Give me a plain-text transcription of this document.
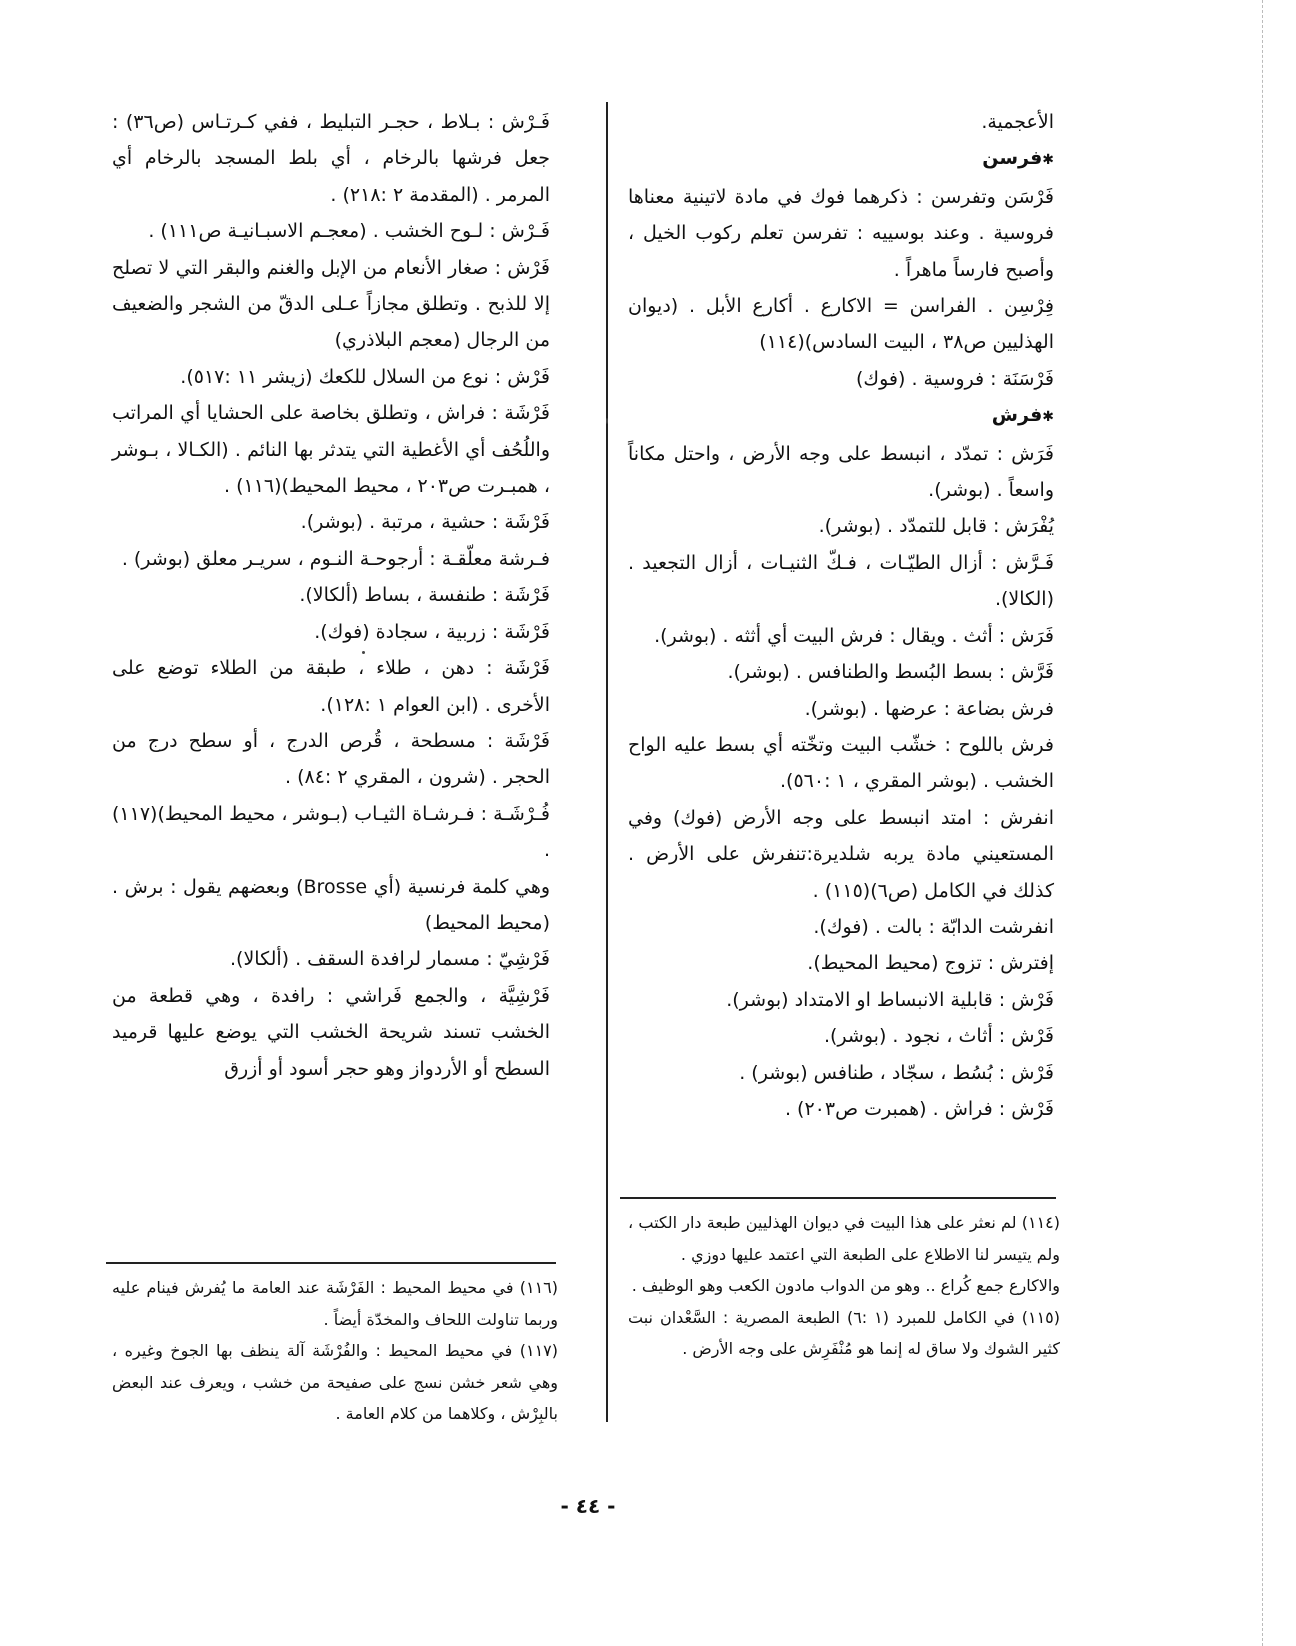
الأعجمية.

✱ فرسن

فَرْسَن وتفرسن : ذكرهما فوك في مادة لاتينية معناها فروسية . وعند بوسييه : تفرسن تعلم ركوب الخيل ، وأصبح فارساً ماهراً .

فِرْسِن . الفراسن = الاكارع . أكارع الأبل . (ديوان الهذليين ص٣٨ ، البيت السادس)(١١٤)

فَرْسَنَة : فروسية . (فوك)

✱ فرش

فَرَش : تمدّد ، انبسط على وجه الأرض ، واحتل مكاناً واسعاً . (بوشر).

يُفْرَش : قابل للتمدّد . (بوشر).

فَـرَّش : أزال الطيّـات ، فـكّ الثنيـات ، أزال التجعيد . (الكالا).

فَرَش : أثث . ويقال : فرش البيت أي أثثه . (بوشر).

فَرَّش : بسط البُسط والطنافس . (بوشر).

فرش بضاعة : عرضها . (بوشر).

فرش باللوح : خشّب البيت وتخّته أي بسط عليه الواح الخشب . (بوشر المقري ، ١ :٥٦٠).

انفرش : امتد انبسط على وجه الأرض (فوك) وفي المستعيني مادة يربه شلديرة:تنفرش على الأرض . كذلك في الكامل (ص٦)(١١٥) .

انفرشت الدابّة : بالت . (فوك).

إفترش : تزوج (محيط المحيط).

فَرْش : قابلية الانبساط او الامتداد (بوشر).

فَرْش : أثاث ، نجود . (بوشر).

فَرْش : بُسُط ، سجّاد ، طنافس (بوشر) .

فَرْش : فراش . (همبرت ص٢٠٣) .

فَـرْش : بـلاط ، حجـر التبليط ، ففي كـرتـاس (ص٣٦) : جعل فرشها بالرخام ، أي بلط المسجد بالرخام أي المرمر . (المقدمة ٢ :٢١٨) .

فَـرْش : لـوح الخشب . (معجـم الاسبـانيـة ص١١١) .

فَرْش : صغار الأنعام من الإبل والغنم والبقر التي لا تصلح إلا للذبح . وتطلق مجازاً عـلى الدقّ من الشجر والضعيف من الرجال (معجم البلاذري)

فَرْش : نوع من السلال للكعك (زيشر ١١ :٥١٧).

فَرْشَة : فراش ، وتطلق بخاصة على الحشايا أي المراتب واللُحُف أي الأغطية التي يتدثر بها النائم . (الكـالا ، بـوشر ، همبـرت ص٢٠٣ ، محيط المحيط)(١١٦) .

فَرْشَة : حشية ، مرتبة . (بوشر).

فـرشة معلّقـة : أرجوحـة النـوم ، سريـر معلق (بوشر) .

فَرْشَة : طنفسة ، بساط (ألكالا).

فَرْشَة : زربية ، سجادة (فوك).

فَرْشَة : دهن ، طلاء ، طبقة من الطلاء توضع على الأخرى . (ابن العوام ١ :١٢٨).

فَرْشَة : مسطحة ، قُرص الدرج ، أو سطح درج من الحجر . (شرون ، المقري ٢ :٨٤) .

فُـرْشَـة : فـرشـاة الثيـاب (بـوشر ، محيط المحيط)(١١٧) .

وهي كلمة فرنسية (أي Brosse) وبعضهم يقول : برش . (محيط المحيط)

فَرْشِيّ : مسمار لرافدة السقف . (ألكالا).

فَرْشِيَّة ، والجمع فَراشي : رافدة ، وهي قطعة من الخشب تسند شريحة الخشب التي يوضع عليها قرميد السطح أو الأردواز وهو حجر أسود أو أزرق

(١١٤) لم نعثر على هذا البيت في ديوان الهذليين طبعة دار الكتب ، ولم يتيسر لنا الاطلاع على الطبعة التي اعتمد عليها دوزي .

والاكارع جمع كُراع .. وهو من الدواب مادون الكعب وهو الوظيف .

(١١٥) في الكامل للمبرد (١ :٦) الطبعة المصرية : السَّعْدان نبت كثير الشوك ولا ساق له إنما هو مُنْفَرِش على وجه الأرض .

(١١٦) في محيط المحيط : الفَرْشَة عند العامة ما يُفرش فينام عليه وربما تناولت اللحاف والمخدّة أيضاً .

(١١٧) في محيط المحيط : والفُرْشَة آلة ينظف بها الجوخ وغيره ، وهي شعر خشن نسج على صفيحة من خشب ، ويعرف عند البعض بالبِرْش ، وكلاهما من كلام العامة .

- ٤٤ -
